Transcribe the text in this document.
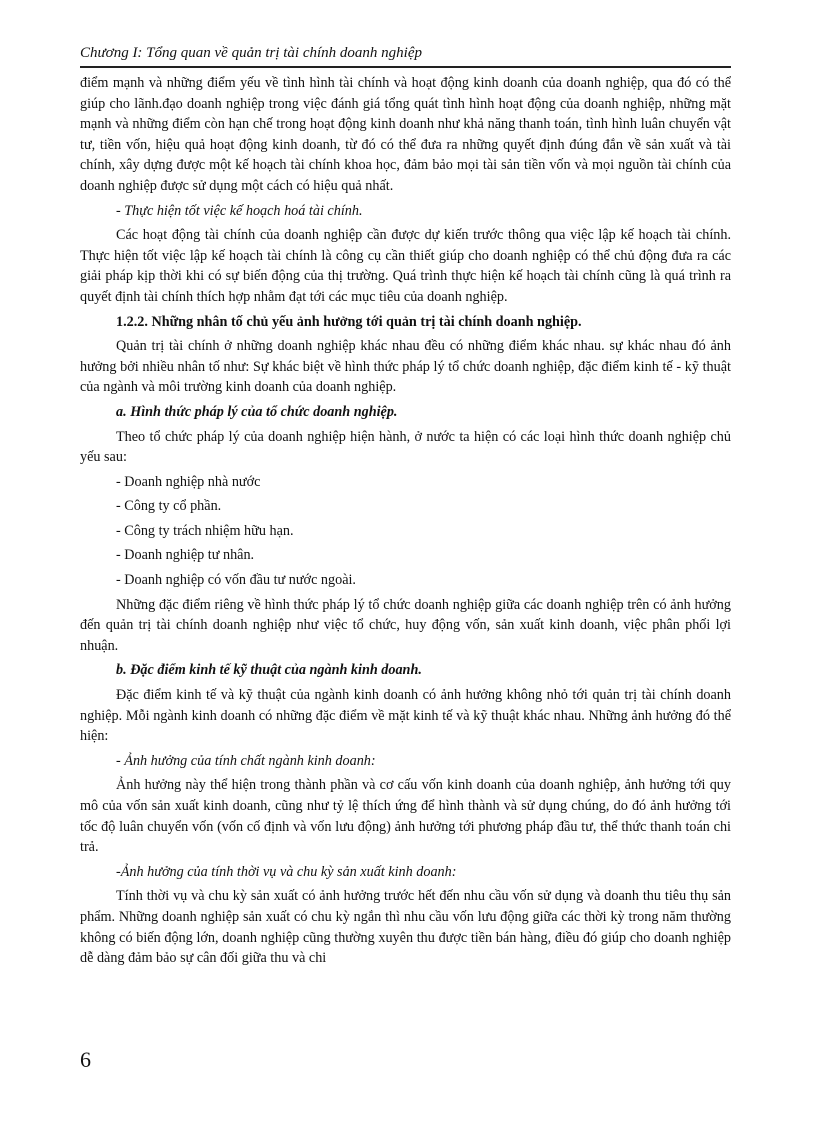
Chương I: Tổng quan về quản trị tài chính doanh nghiệp

điểm mạnh và những điểm yếu về tình hình tài chính và hoạt động kinh doanh của doanh nghiệp, qua đó có thể giúp cho lãnh.đạo doanh nghiệp trong việc đánh giá tổng quát tình hình hoạt động của doanh nghiệp, những mặt mạnh và những điểm còn hạn chế trong hoạt động kinh doanh như khả năng thanh toán, tình hình luân chuyển vật tư, tiền vốn, hiệu quả hoạt động kinh doanh, từ đó có thể đưa ra những quyết định đúng đắn về sản xuất và tài chính, xây dựng được một kế hoạch tài chính khoa học, đảm bảo mọi tài sản tiền vốn và mọi nguồn tài chính của doanh nghiệp được sử dụng một cách có hiệu quả nhất.

- Thực hiện tốt việc kế hoạch hoá tài chính.

Các hoạt động tài chính của doanh nghiệp cần được dự kiến trước thông qua việc lập kế hoạch tài chính. Thực hiện tốt việc lập kế hoạch tài chính là công cụ cần thiết giúp cho doanh nghiệp có thể chủ động đưa ra các giải pháp kịp thời khi có sự biến động của thị trường. Quá trình thực hiện kế hoạch tài chính cũng là quá trình ra quyết định tài chính thích hợp nhằm đạt tới các mục tiêu của doanh nghiệp.

1.2.2. Những nhân tố chủ yếu ảnh hưởng tới quản trị tài chính doanh nghiệp.

Quản trị tài chính ở những doanh nghiệp khác nhau đều có những điểm khác nhau. sự khác nhau đó ảnh hưởng bởi nhiều nhân tố như: Sự khác biệt về hình thức pháp lý tổ chức doanh nghiệp, đặc điểm kinh tế - kỹ thuật của ngành và môi trường kinh doanh của doanh nghiệp.

a. Hình thức pháp lý của tổ chức doanh nghiệp.

Theo tổ chức pháp lý của doanh nghiệp hiện hành, ở nước ta hiện có các loại hình thức doanh nghiệp chủ yếu sau:

- Doanh nghiệp nhà nước

- Công ty cổ phần.

- Công ty trách nhiệm hữu hạn.

- Doanh nghiệp tư nhân.

- Doanh nghiệp có vốn đầu tư nước ngoài.

Những đặc điểm riêng về hình thức pháp lý tổ chức doanh nghiệp giữa các doanh nghiệp trên có ảnh hưởng đến quản trị tài chính doanh nghiệp như việc tổ chức, huy động vốn, sản xuất kinh doanh, việc phân phối lợi nhuận.

b. Đặc điểm kinh tế kỹ thuật của ngành kinh doanh.

Đặc điểm kinh tế và kỹ thuật của ngành kinh doanh có ảnh hưởng không nhỏ tới quản trị tài chính doanh nghiệp. Mỗi ngành kinh doanh có những đặc điểm về mặt kinh tế và kỹ thuật khác nhau. Những ảnh hưởng đó thể hiện:

- Ảnh hưởng của tính chất ngành kinh doanh:

Ảnh hưởng này thể hiện trong thành phần và cơ cấu vốn kinh doanh của doanh nghiệp, ảnh hưởng tới quy mô của vốn sản xuất kinh doanh, cũng như tỷ lệ thích ứng để hình thành và sử dụng chúng, do đó ảnh hưởng tới tốc độ luân chuyển vốn (vốn cố định và vốn lưu động) ảnh hưởng tới phương pháp đầu tư, thể thức thanh toán chi trả.

-Ảnh hưởng của tính thời vụ và chu kỳ sản xuất kinh doanh:

Tính thời vụ và chu kỳ sản xuất có ảnh hưởng trước hết đến nhu cầu vốn sử dụng và doanh thu tiêu thụ sản phẩm. Những doanh nghiệp sản xuất có chu kỳ ngắn thì nhu cầu vốn lưu động giữa các thời kỳ trong năm thường không có biến động lớn, doanh nghiệp cũng thường xuyên thu được tiền bán hàng, điều đó giúp cho doanh nghiệp dễ dàng đảm bảo sự cân đối giữa thu và chi

6
